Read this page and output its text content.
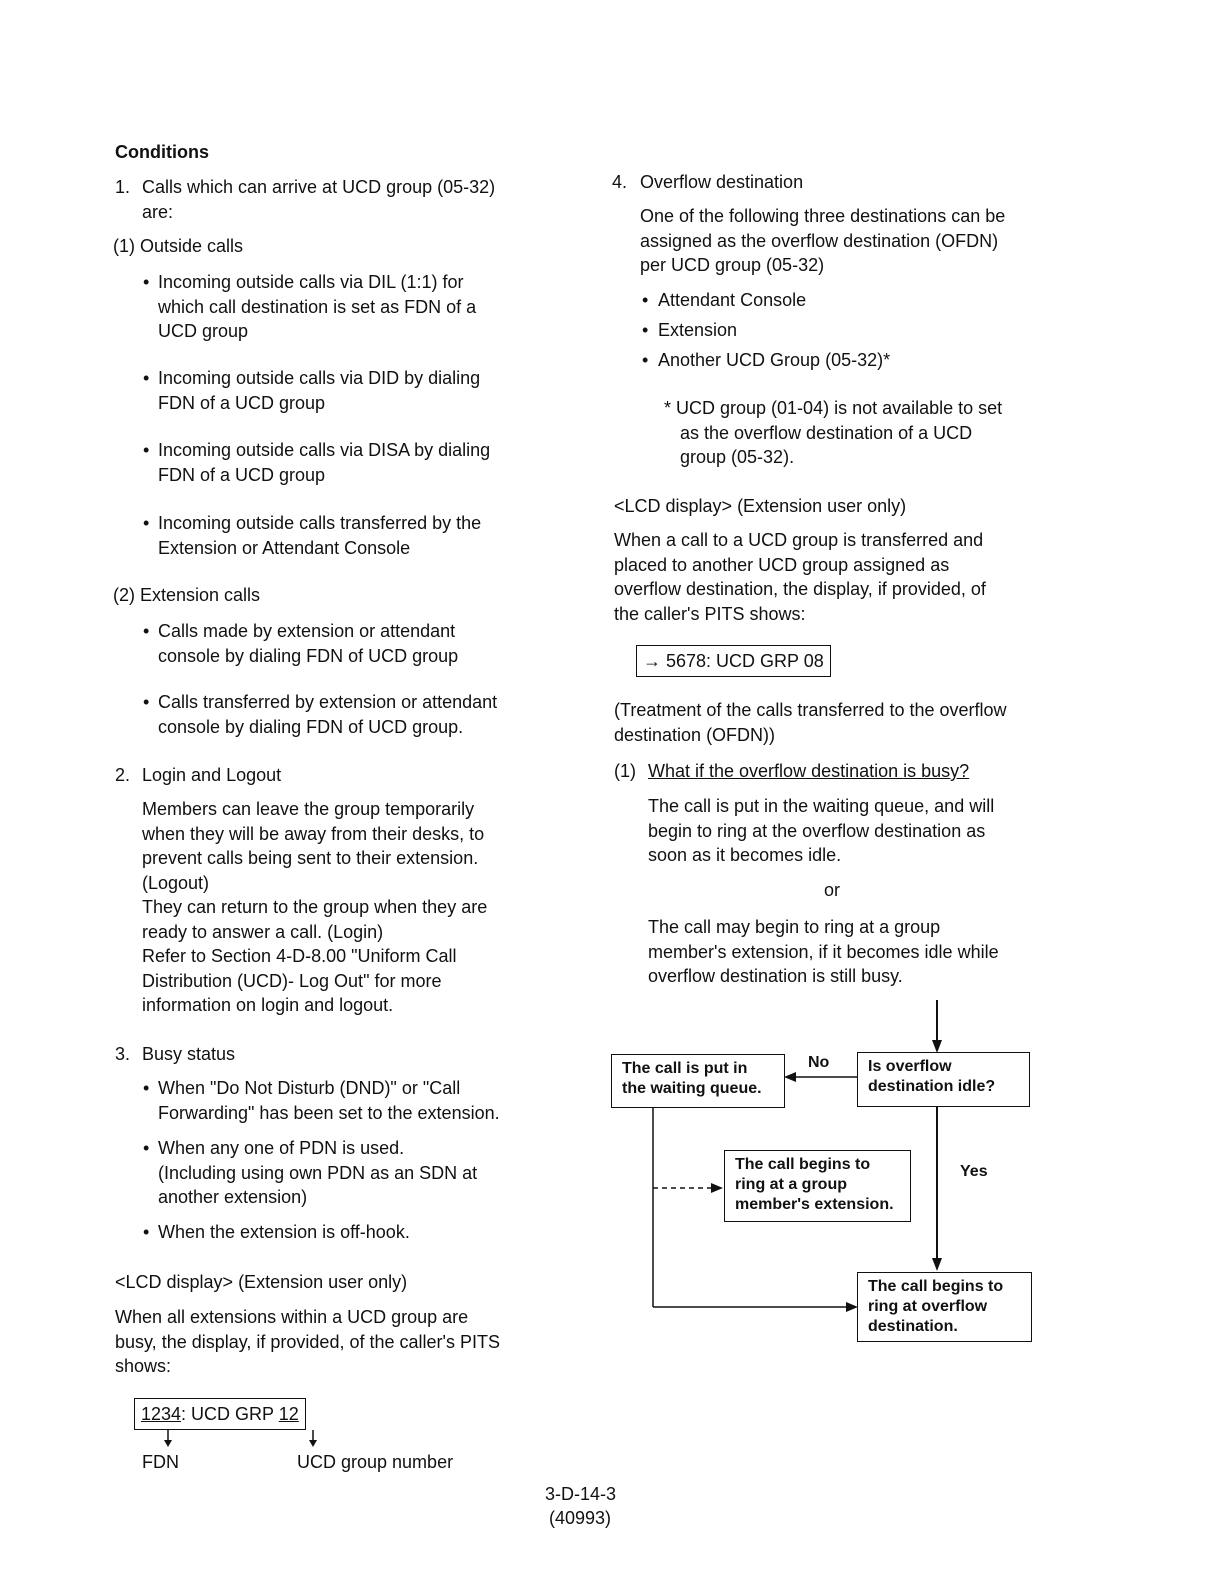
Conditions
1. Calls which can arrive at UCD group (05-32)
are:
(1) Outside calls
• Incoming outside calls via DIL (1:1) for
which call destination is set as FDN of a
UCD group
• Incoming outside calls via DID by dialing
FDN of a UCD group
• Incoming outside calls via DISA by dialing
FDN of a UCD group
• Incoming outside calls transferred by the
Extension or Attendant Console
(2) Extension calls
• Calls made by extension or attendant
console by dialing FDN of UCD group
• Calls transferred by extension or attendant
console by dialing FDN of UCD group.
2. Login and Logout
Members can leave the group temporarily
when they will be away from their desks, to
prevent calls being sent to their extension.
(Logout)
They can return to the group when they are
ready to answer a call. (Login)
Refer to Section 4-D-8.00 "Uniform Call
Distribution (UCD)- Log Out" for more
information on login and logout.
3. Busy status
• When "Do Not Disturb (DND)" or "Call
Forwarding" has been set to the extension.
• When any one of PDN is used.
(Including using own PDN as an SDN at
another extension)
• When the extension is off-hook.
<LCD display> (Extension user only)
When all extensions within a UCD group are
busy, the display, if provided, of the caller's PITS
shows:
1234: UCD GRP 12
FDN	UCD group number
4. Overflow destination
One of the following three destinations can be
assigned as the overflow destination (OFDN)
per UCD group (05-32)
• Attendant Console
• Extension
• Another UCD Group (05-32)*
* UCD group (01-04) is not available to set
as the overflow destination of a UCD
group (05-32).
<LCD display> (Extension user only)
When a call to a UCD group is transferred and
placed to another UCD group assigned as
overflow destination, the display, if provided, of
the caller's PITS shows:
→ 5678: UCD GRP 08
(Treatment of the calls transferred to the overflow
destination (OFDN))
(1) What if the overflow destination is busy?
The call is put in the waiting queue, and will
begin to ring at the overflow destination as
soon as it becomes idle.
or
The call may begin to ring at a group
member's extension, if it becomes idle while
overflow destination is still busy.
The call is put in
the waiting queue.
Is overflow
destination idle?
The call begins to
ring at a group
member's extension.
The call begins to
ring at overflow
destination.
No
Yes
3-D-14-3
(40993)
